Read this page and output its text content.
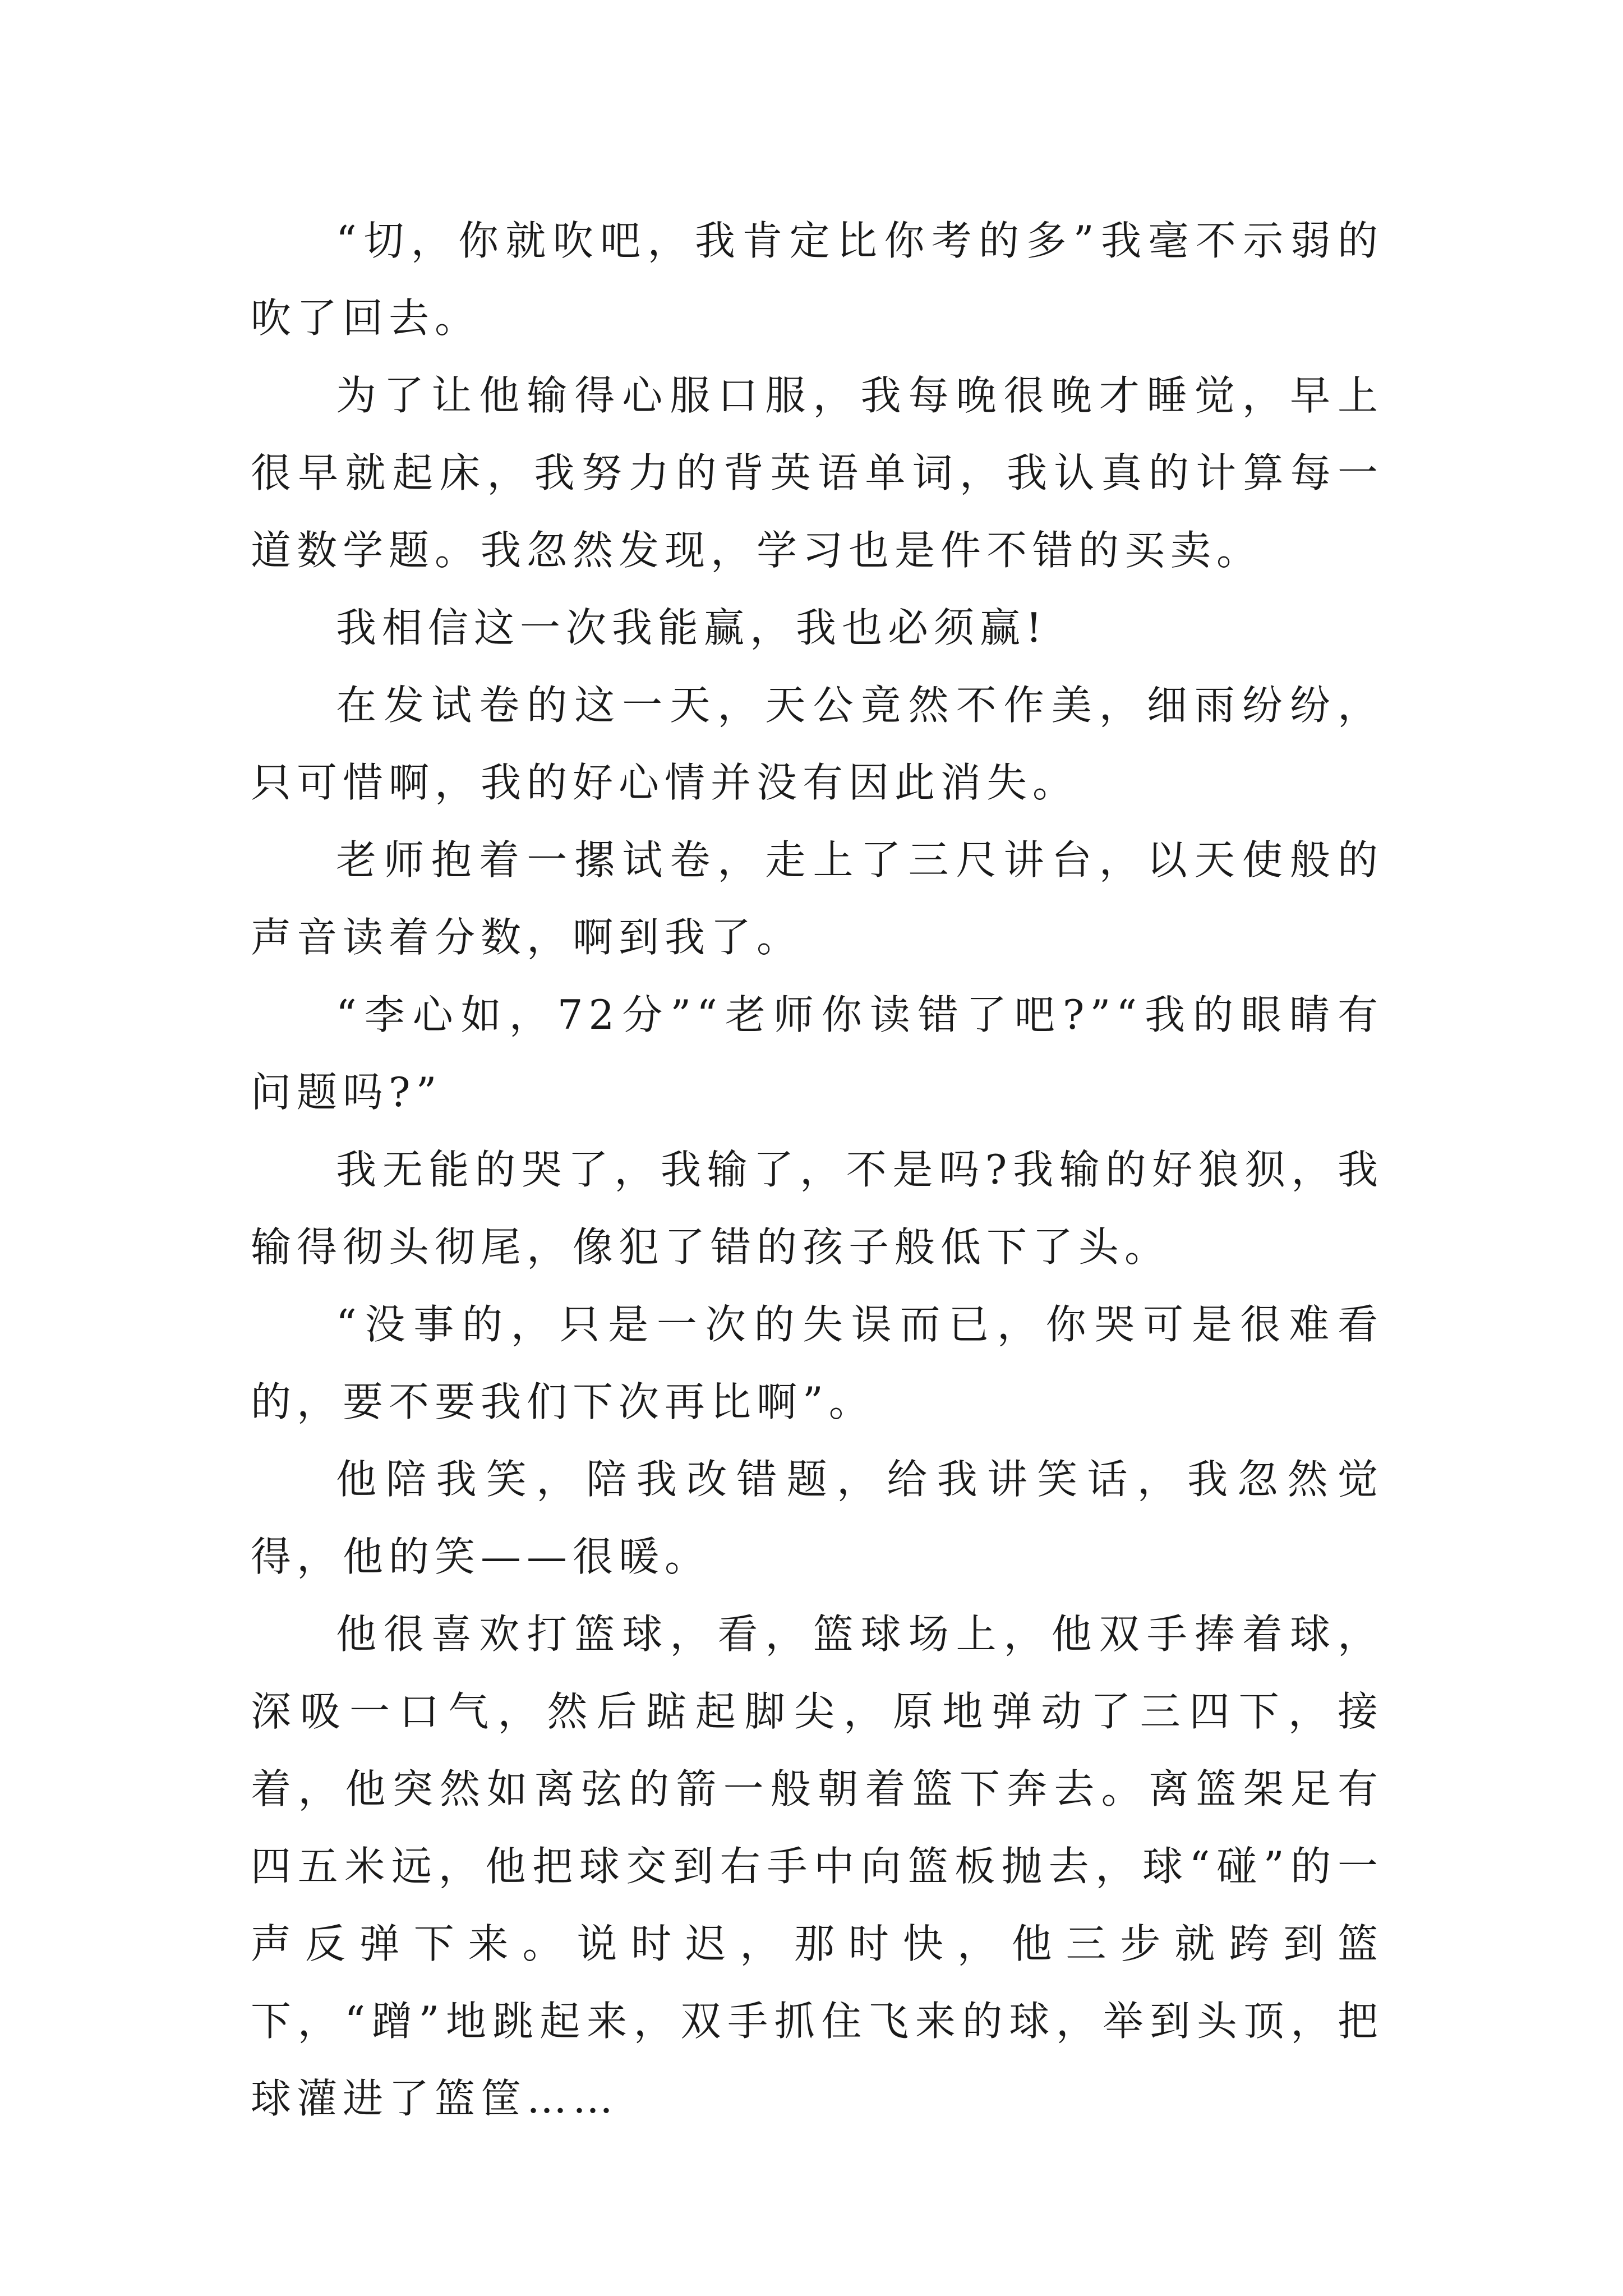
“切，你就吹吧，我肯定比你考的多”我毫不示弱的吹了回去。

为了让他输得心服口服，我每晚很晚才睡觉，早上很早就起床，我努力的背英语单词，我认真的计算每一道数学题。我忽然发现，学习也是件不错的买卖。

我相信这一次我能赢，我也必须赢!

在发试卷的这一天，天公竟然不作美，细雨纷纷，只可惜啊，我的好心情并没有因此消失。

老师抱着一摞试卷，走上了三尺讲台，以天使般的声音读着分数，啊到我了。

“李心如，72分”“老师你读错了吧?”“我的眼睛有问题吗?”

我无能的哭了，我输了，不是吗?我输的好狼狈，我输得彻头彻尾，像犯了错的孩子般低下了头。

“没事的，只是一次的失误而已，你哭可是很难看的，要不要我们下次再比啊”。

他陪我笑，陪我改错题，给我讲笑话，我忽然觉得，他的笑——很暖。

他很喜欢打篮球，看，篮球场上，他双手捧着球，深吸一口气，然后踮起脚尖，原地弹动了三四下，接着，他突然如离弦的箭一般朝着篮下奔去。离篮架足有四五米远，他把球交到右手中向篮板抛去，球“碰”的一声反弹下来。说时迟，那时快，他三步就跨到篮下，“蹭”地跳起来，双手抓住飞来的球，举到头顶，把球灌进了篮筐……
